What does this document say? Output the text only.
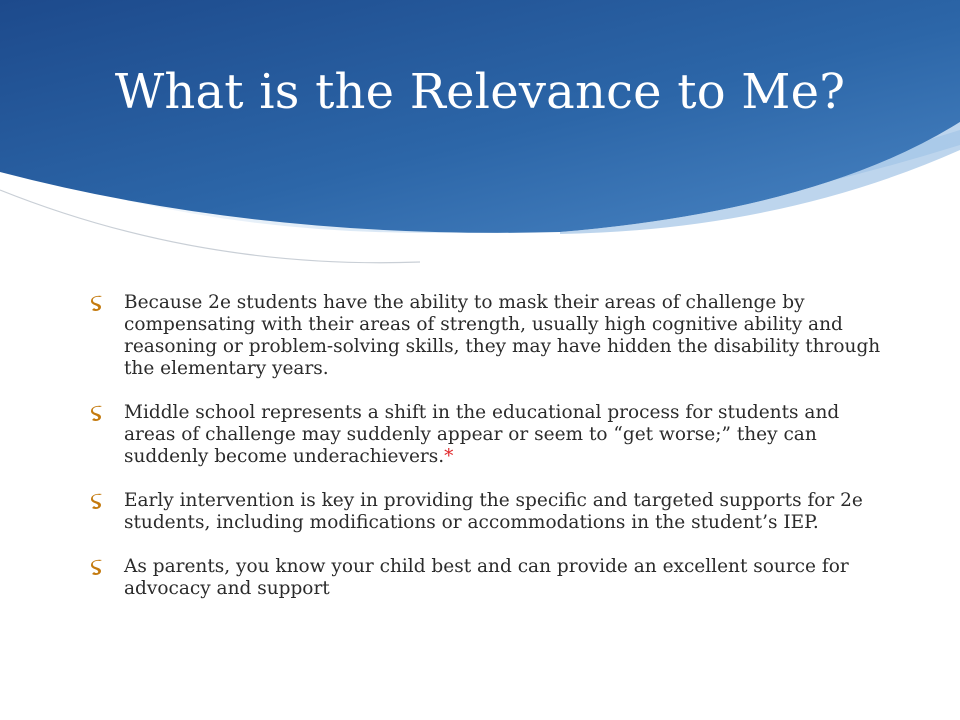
What is the Relevance to Me?
Because 2e students have the ability to mask their areas of challenge by compensating with their areas of strength, usually high cognitive ability and reasoning or problem-solving skills, they may have hidden the disability through the elementary years.
Middle school represents a shift in the educational process for students and areas of challenge may suddenly appear or seem to “get worse;” they can suddenly become underachievers.*
Early intervention is key in providing the specific and targeted supports for 2e students, including modifications or accommodations in the student’s IEP.
As parents, you know your child best and can provide an excellent source for advocacy and support
